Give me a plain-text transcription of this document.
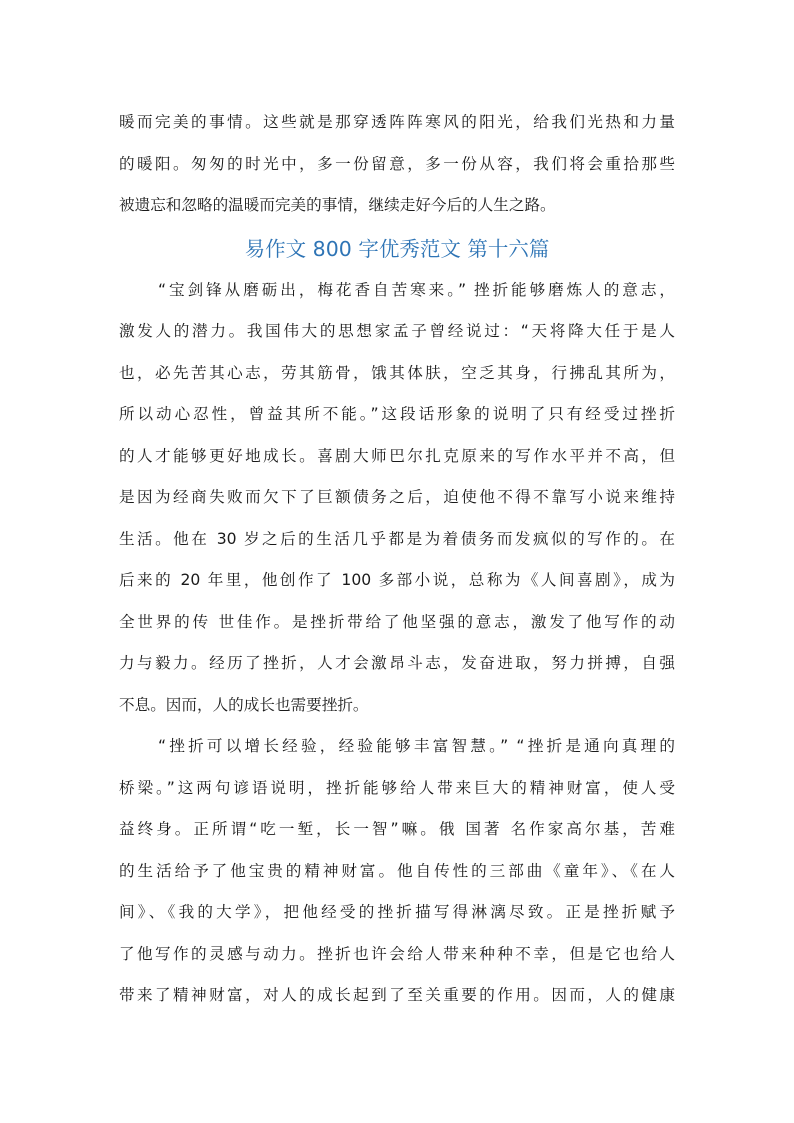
暖而完美的事情。这些就是那穿透阵阵寒风的阳光，给我们光热和力量
的暖阳。匆匆的时光中，多一份留意，多一份从容，我们将会重拾那些
被遗忘和忽略的温暖而完美的事情，继续走好今后的人生之路。
易作文 800 字优秀范文 第十六篇
“宝剑锋从磨砺出，梅花香自苦寒来。” 挫折能够磨炼人的意志，
激发人的潜力。我国伟大的思想家孟子曾经说过：“天将降大任于是人
也，必先苦其心志，劳其筋骨，饿其体肤，空乏其身，行拂乱其所为，
所以动心忍性，曾益其所不能。”这段话形象的说明了只有经受过挫折
的人才能够更好地成长。喜剧大师巴尔扎克原来的写作水平并不高，但
是因为经商失败而欠下了巨额债务之后，迫使他不得不靠写小说来维持
生活。他在 30 岁之后的生活几乎都是为着债务而发疯似的写作的。在
后来的 20 年里，他创作了 100 多部小说，总称为《人间喜剧》，成为
全世界的传 世佳作。是挫折带给了他坚强的意志，激发了他写作的动
力与毅力。经历了挫折，人才会激昂斗志，发奋进取，努力拼搏，自强
不息。因而，人的成长也需要挫折。
“挫折可以增长经验，经验能够丰富智慧。” “挫折是通向真理的
桥梁。”这两句谚语说明，挫折能够给人带来巨大的精神财富，使人受
益终身。正所谓“吃一堑，长一智”嘛。俄 国著 名作家高尔基，苦难
的生活给予了他宝贵的精神财富。他自传性的三部曲《童年》、《在人
间》、《我的大学》，把他经受的挫折描写得淋漓尽致。正是挫折赋予
了他写作的灵感与动力。挫折也许会给人带来种种不幸，但是它也给人
带来了精神财富，对人的成长起到了至关重要的作用。因而，人的健康
